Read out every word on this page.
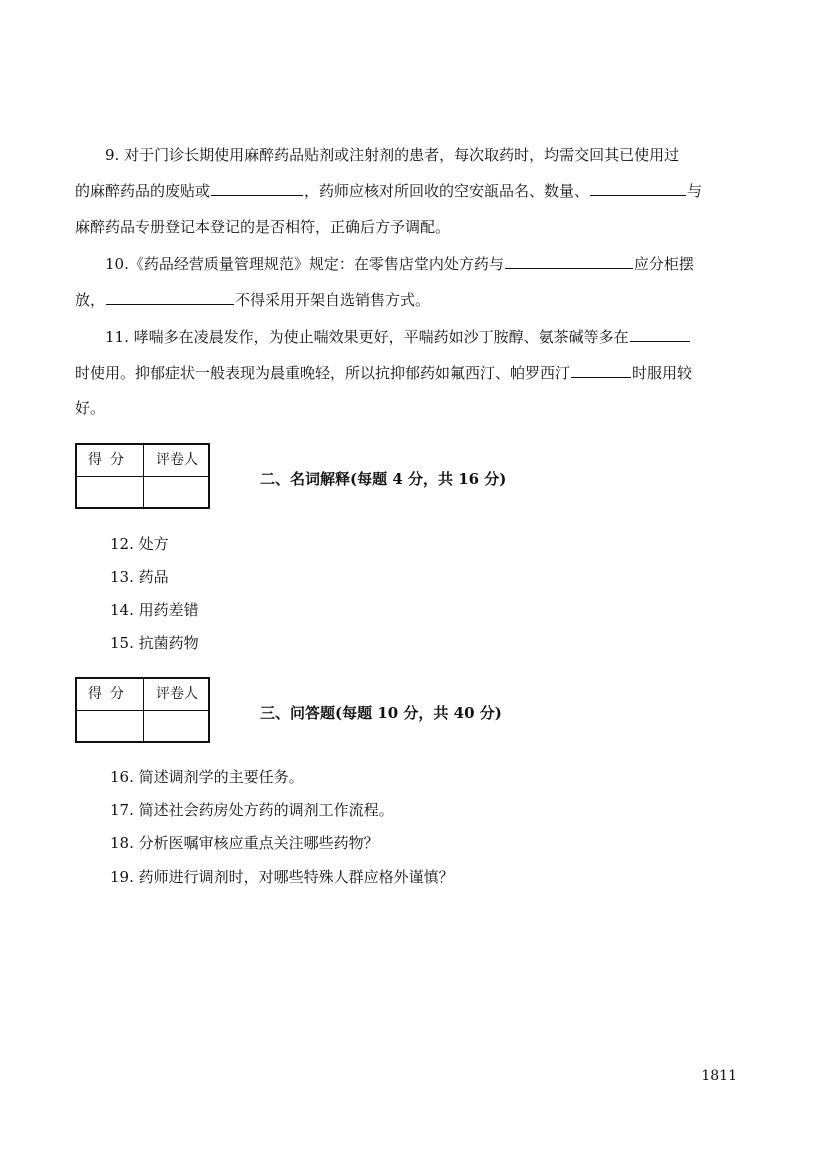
9. 对于门诊长期使用麻醉药品贴剂或注射剂的患者，每次取药时，均需交回其已使用过
的麻醉药品的废贴或	，药师应核对所回收的空安瓿品名、数量、	与
麻醉药品专册登记本登记的是否相符，正确后方予调配。
10.《药品经营质量管理规范》规定：在零售店堂内处方药与	应分柜摆
放，	不得采用开架自选销售方式。
11. 哮喘多在凌晨发作，为使止喘效果更好，平喘药如沙丁胺醇、氨茶碱等多在
时使用。抑郁症状一般表现为晨重晚轻，所以抗抑郁药如氟西汀、帕罗西汀	时服用较
好。
得分	评卷人
二、名词解释(每题 4 分，共 16 分)
12. 处方
13. 药品
14. 用药差错
15. 抗菌药物
得分	评卷人
三、问答题(每题 10 分，共 40 分)
16. 简述调剂学的主要任务。
17. 简述社会药房处方药的调剂工作流程。
18. 分析医嘱审核应重点关注哪些药物？
19. 药师进行调剂时，对哪些特殊人群应格外谨慎？
1811
